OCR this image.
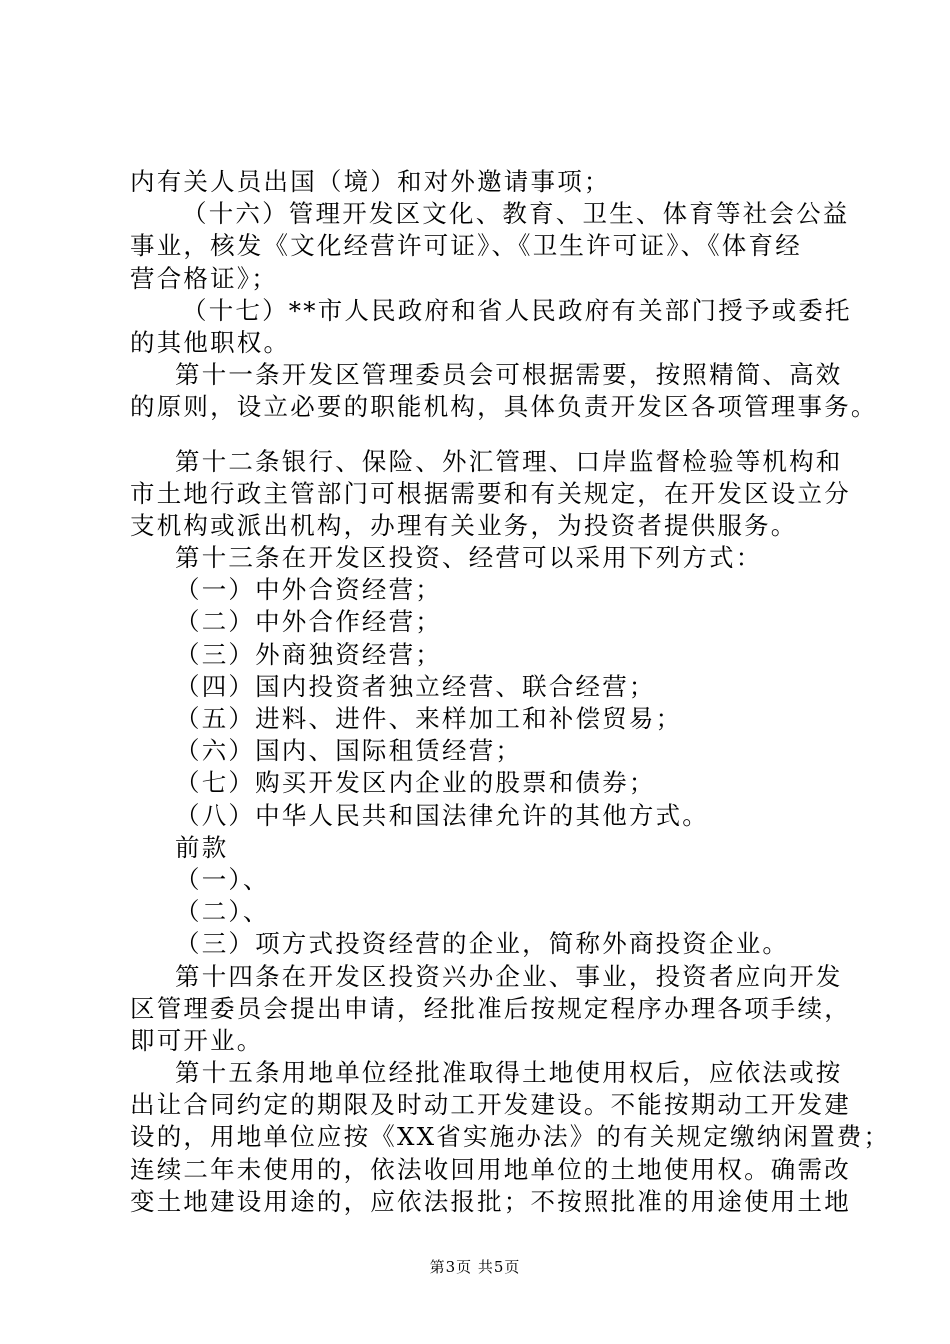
内有关人员出国（境）和对外邀请事项；
（十六）管理开发区文化、教育、卫生、体育等社会公益
事业，核发《文化经营许可证》、《卫生许可证》、《体育经
营合格证》；
（十七）**市人民政府和省人民政府有关部门授予或委托
的其他职权。
第十一条开发区管理委员会可根据需要，按照精简、高效
的原则，设立必要的职能机构，具体负责开发区各项管理事务。
第十二条银行、保险、外汇管理、口岸监督检验等机构和
市土地行政主管部门可根据需要和有关规定，在开发区设立分
支机构或派出机构，办理有关业务，为投资者提供服务。
第十三条在开发区投资、经营可以采用下列方式：
（一）中外合资经营；
（二）中外合作经营；
（三）外商独资经营；
（四）国内投资者独立经营、联合经营；
（五）进料、进件、来样加工和补偿贸易；
（六）国内、国际租赁经营；
（七）购买开发区内企业的股票和债券；
（八）中华人民共和国法律允许的其他方式。
前款
（一）、
（二）、
（三）项方式投资经营的企业，简称外商投资企业。
第十四条在开发区投资兴办企业、事业，投资者应向开发
区管理委员会提出申请，经批准后按规定程序办理各项手续，
即可开业。
第十五条用地单位经批准取得土地使用权后，应依法或按
出让合同约定的期限及时动工开发建设。不能按期动工开发建
设的，用地单位应按《XX省实施办法》的有关规定缴纳闲置费；
连续二年未使用的，依法收回用地单位的土地使用权。确需改
变土地建设用途的，应依法报批；不按照批准的用途使用土地
第3页 共5页
